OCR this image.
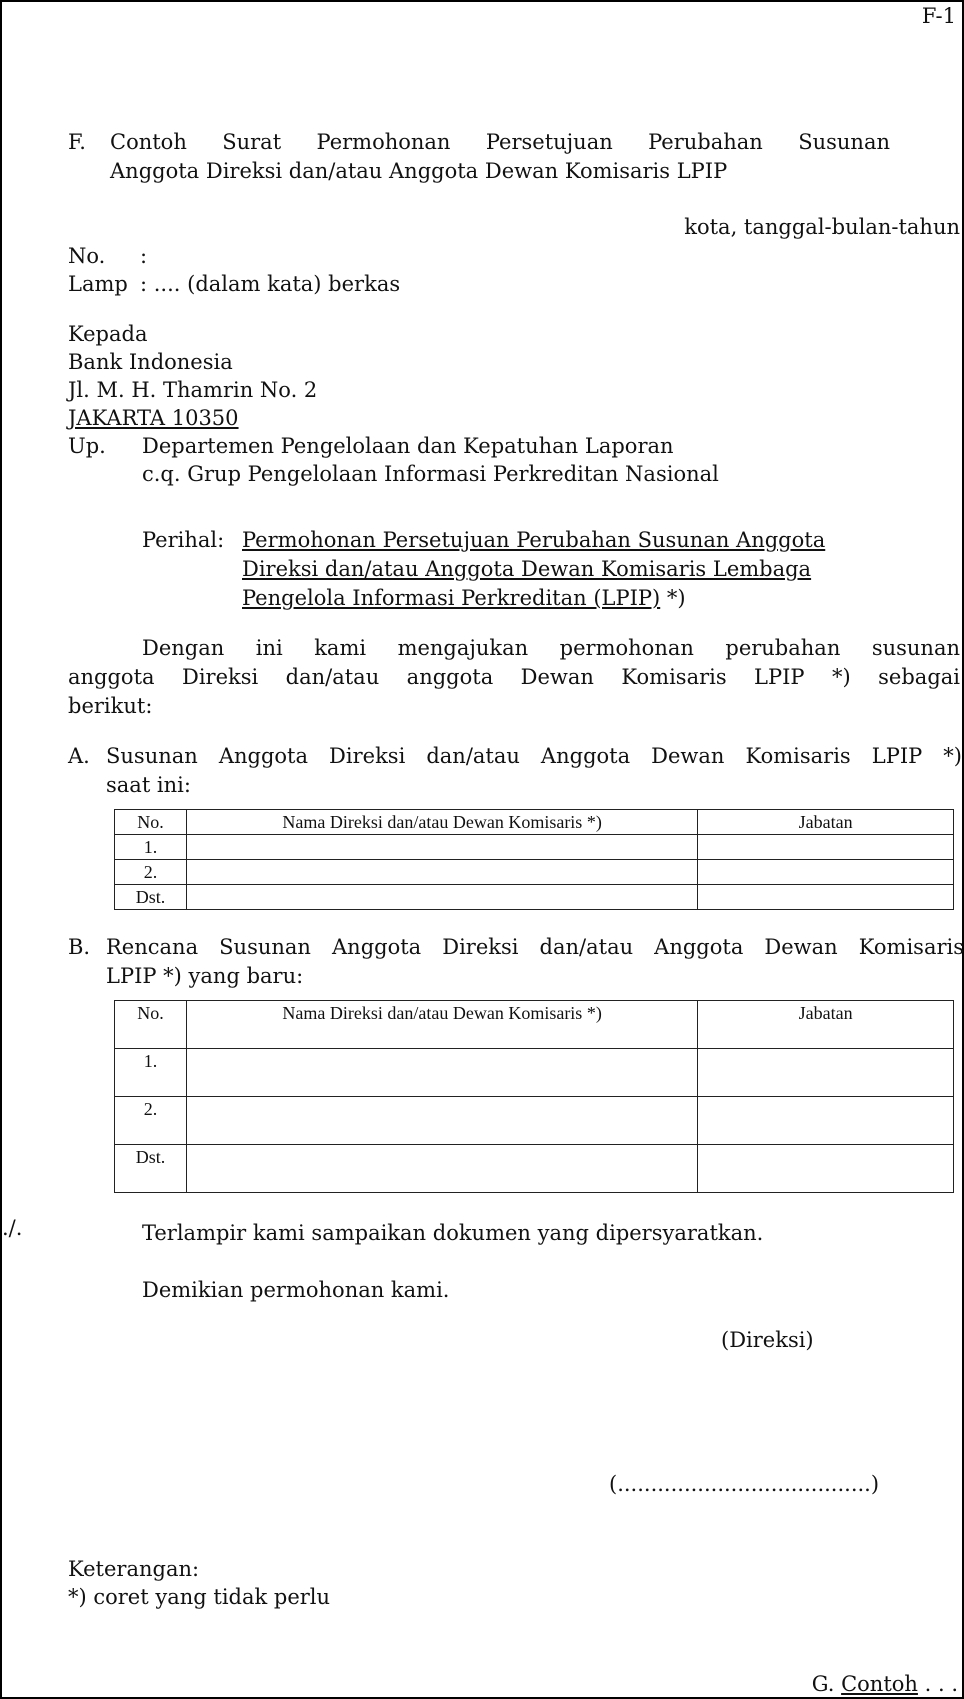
F-1
F. Contoh Surat Permohonan Persetujuan Perubahan Susunan
Anggota Direksi dan/atau Anggota Dewan Komisaris LPIP
kota, tanggal-bulan-tahun
No. :
Lamp : .... (dalam kata) berkas
Kepada
Bank Indonesia
Jl. M. H. Thamrin No. 2
JAKARTA 10350
Up. Departemen Pengelolaan dan Kepatuhan Laporan
c.q. Grup Pengelolaan Informasi Perkreditan Nasional
Perihal: Permohonan Persetujuan Perubahan Susunan Anggota
Direksi dan/atau Anggota Dewan Komisaris Lembaga
Pengelola Informasi Perkreditan (LPIP) *)
Dengan ini kami mengajukan permohonan perubahan susunan
anggota Direksi dan/atau anggota Dewan Komisaris LPIP *) sebagai
berikut:
A. Susunan Anggota Direksi dan/atau Anggota Dewan Komisaris LPIP *)
saat ini:
No.	Nama Direksi dan/atau Dewan Komisaris *)	Jabatan
1.		
2.		
Dst.		
B. Rencana Susunan Anggota Direksi dan/atau Anggota Dewan Komisaris
LPIP *) yang baru:
No.	Nama Direksi dan/atau Dewan Komisaris *)	Jabatan
1.		
2.		
Dst.		
./.	Terlampir kami sampaikan dokumen yang dipersyaratkan.
Demikian permohonan kami.
(Direksi)
(......................................)
Keterangan:
*) coret yang tidak perlu
G. Contoh . . .
